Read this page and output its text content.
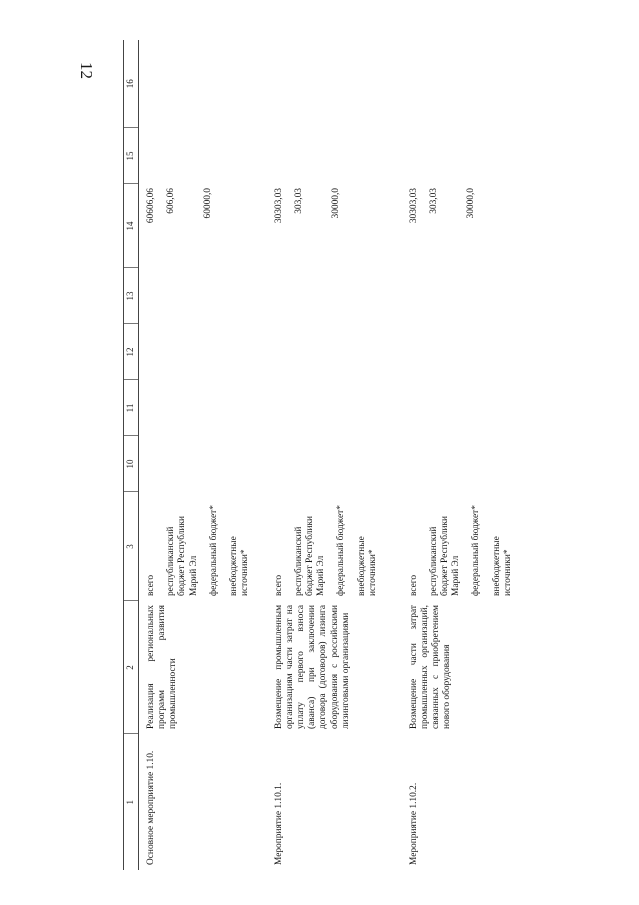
12
1	2	3	10	11	12	13	14	15	16
Основное мероприятие 1.10.	Реализация региональных программ развития промышленности	всего республиканский бюджет Республики Марий Эл федеральный бюджет* внебюджетные источники*					60606,06 606,06 60000,0		

Мероприятие 1.10.1.	Возмещение промышленным организациям части затрат на уплату первого взноса (аванса) при заключении договора (договоров) лизинга оборудования с российскими лизинговыми организациями	всего республиканский бюджет Республики Марий Эл федеральный бюджет* внебюджетные источники*					30303,03 303,03 30000,0		

Мероприятие 1.10.2.	Возмещение части затрат промышленных организаций, связанных с приобретением нового оборудования	всего республиканский бюджет Республики Марий Эл федеральный бюджет* внебюджетные источники*					30303,03 303,03 30000,0		
